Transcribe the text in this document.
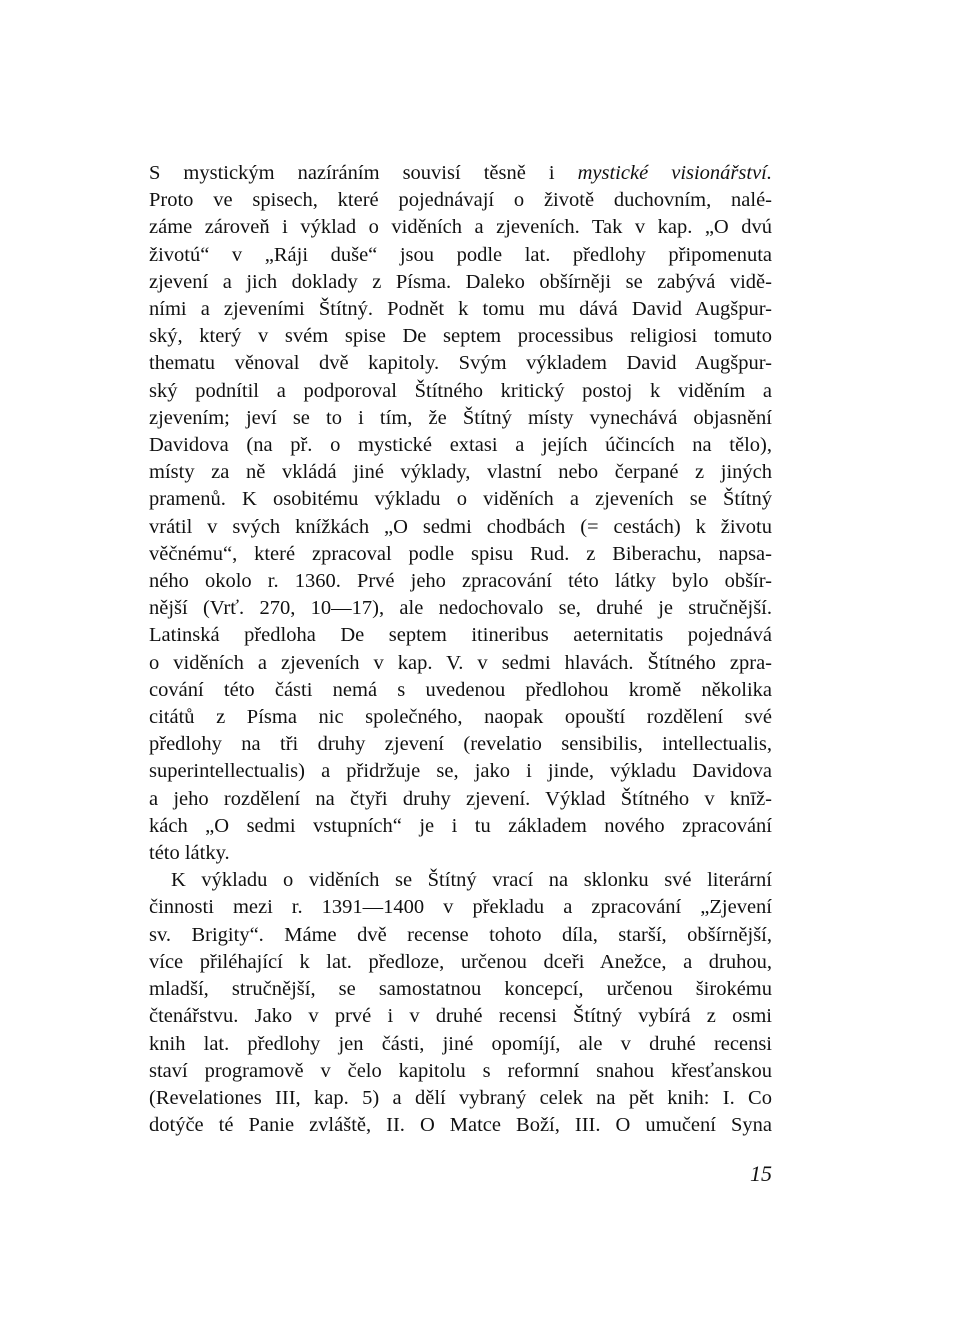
S mystickým nazíráním souvisí těsně i mystické visionářství.
Proto ve spisech, které pojednávají o životě duchovním, nalé-
záme zároveň i výklad o viděních a zjeveních. Tak v kap. „O dvú
životú“ v „Ráji duše“ jsou podle lat. předlohy připomenuta
zjevení a jich doklady z Písma. Daleko obšírněji se zabývá vidě-
ními a zjeveními Štítný. Podnět k tomu mu dává David Augšpur-
ský, který v svém spise De septem processibus religiosi tomuto
thematu věnoval dvě kapitoly. Svým výkladem David Augšpur-
ský podnítil a podporoval Štítného kritický postoj k viděním a
zjevením; jeví se to i tím, že Štítný místy vynechává objasnění
Davidova (na př. o mystické extasi a jejích účincích na tělo),
místy za ně vkládá jiné výklady, vlastní nebo čerpané z jiných
pramenů. K osobitému výkladu o viděních a zjeveních se Štítný
vrátil v svých knížkách „O sedmi chodbách (= cestách) k životu
věčnému“, které zpracoval podle spisu Rud. z Biberachu, napsa-
ného okolo r. 1360. Prvé jeho zpracování této látky bylo obšír-
nější (Vrť. 270, 10—17), ale nedochovalo se, druhé je stručnější.
Latinská předloha De septem itineribus aeternitatis pojednává
o viděních a zjeveních v kap. V. v sedmi hlavách. Štítného zpra-
cování této části nemá s uvedenou předlohou kromě několika
citátů z Písma nic společného, naopak opouští rozdělení své
předlohy na tři druhy zjevení (revelatio sensibilis, intellectualis,
superintellectualis) a přidržuje se, jako i jinde, výkladu Davidova
a jeho rozdělení na čtyři druhy zjevení. Výklad Štítného v knīž-
kách „O sedmi vstupních“ je i tu základem nového zpracování
této látky.
K výkladu o viděních se Štítný vrací na sklonku své literární
činnosti mezi r. 1391—1400 v překladu a zpracování „Zjevení
sv. Brigity“. Máme dvě recense tohoto díla, starší, obšírnější,
více přiléhající k lat. předloze, určenou dceři Anežce, a druhou,
mladší, stručnější, se samostatnou koncepcí, určenou širokému
čtenářstvu. Jako v prvé i v druhé recensi Štítný vybírá z osmi
knih lat. předlohy jen části, jiné opomíjí, ale v druhé recensi
staví programově v čelo kapitolu s reformní snahou křesťanskou
(Revelationes III, kap. 5) a dělí vybraný celek na pět knih: I. Co
dotýče té Panie zvláště, II. O Matce Boží, III. O umučení Syna
15
